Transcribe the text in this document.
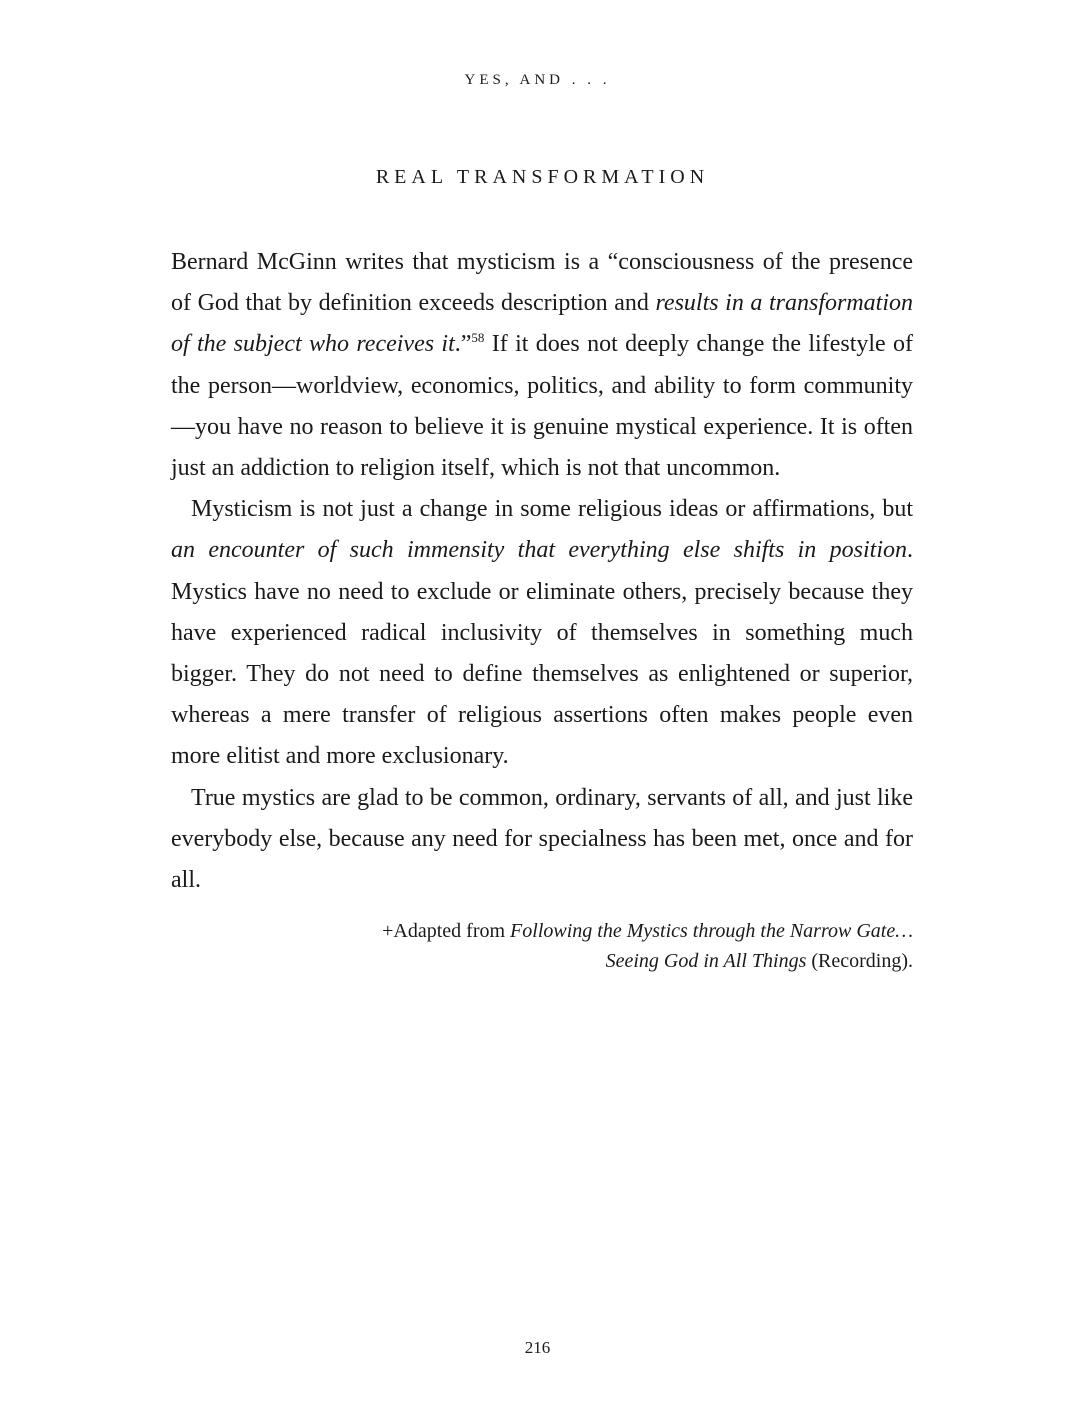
YES, AND . . .
REAL TRANSFORMATION

Bernard McGinn writes that mysticism is a “consciousness of the presence of God that by definition exceeds description and results in a transformation of the subject who receives it.”$^{58}$ If it does not deeply change the lifestyle of the person—worldview, economics, politics, and ability to form community—you have no reason to believe it is genuine mystical experience. It is often just an addiction to religion itself, which is not that uncommon.

Mysticism is not just a change in some religious ideas or affirmations, but an encounter of such immensity that everything else shifts in position. Mystics have no need to exclude or eliminate others, precisely because they have experienced radical inclusivity of themselves in something much bigger. They do not need to define themselves as enlightened or superior, whereas a mere transfer of religious assertions often makes people even more elitist and more exclusionary.

True mystics are glad to be common, ordinary, servants of all, and just like everybody else, because any need for specialness has been met, once and for all.

+Adapted from Following the Mystics through the Narrow Gate…
Seeing God in All Things (Recording).
216
